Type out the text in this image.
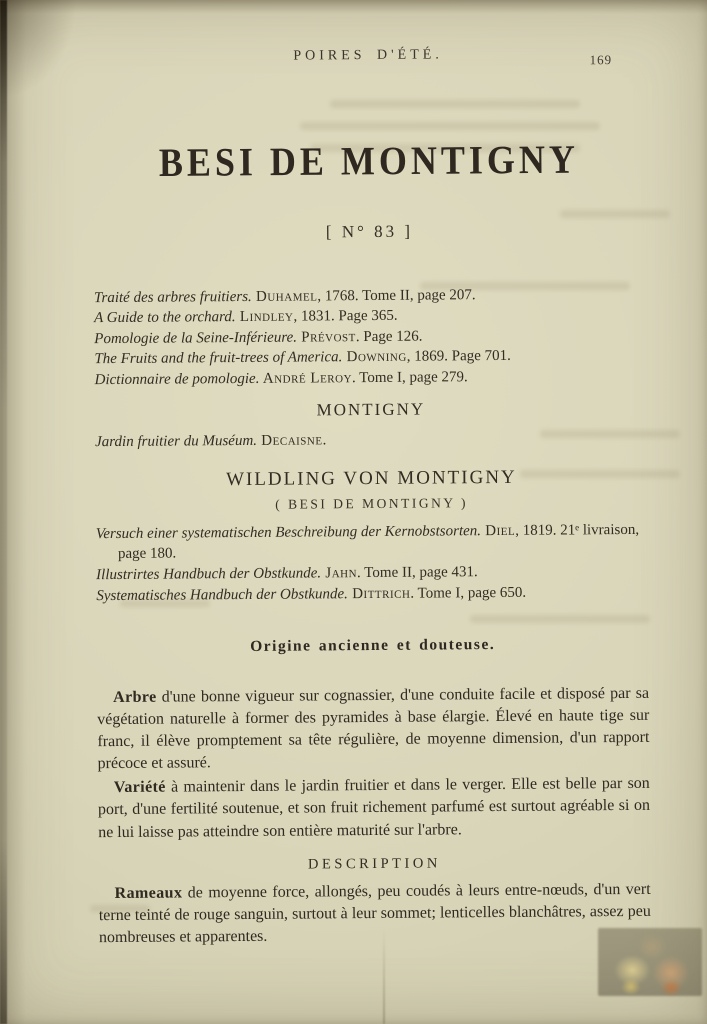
POIRES D'ÉTÉ.	169
BESI DE MONTIGNY
[ N° 83 ]

Traité des arbres fruitiers. Duhamel, 1768. Tome II, page 207.

A Guide to the orchard. Lindley, 1831. Page 365.

Pomologie de la Seine-Inférieure. Prévost. Page 126.

The Fruits and the fruit-trees of America. Downing, 1869. Page 701.

Dictionnaire de pomologie. André Leroy. Tome I, page 279.

MONTIGNY

Jardin fruitier du Muséum. Decaisne.

WILDLING VON MONTIGNY
( BESI DE MONTIGNY )

Versuch einer systematischen Beschreibung der Kernobstsorten. Diel, 1819. 21ᵉ livraison, page 180.

Illustrirtes Handbuch der Obstkunde. Jahn. Tome II, page 431.

Systematisches Handbuch der Obstkunde. Dittrich. Tome I, page 650.

Origine ancienne et douteuse.

Arbre d'une bonne vigueur sur cognassier, d'une conduite facile et disposé par sa végétation naturelle à former des pyramides à base élargie. Élevé en haute tige sur franc, il élève promptement sa tête régulière, de moyenne dimension, d'un rapport précoce et assuré.

Variété à maintenir dans le jardin fruitier et dans le verger. Elle est belle par son port, d'une fertilité soutenue, et son fruit richement parfumé est surtout agréable si on ne lui laisse pas atteindre son entière maturité sur l'arbre.

DESCRIPTION

Rameaux de moyenne force, allongés, peu coudés à leurs entre-nœuds, d'un vert terne teinté de rouge sanguin, surtout à leur sommet; lenticelles blanchâtres, assez peu nombreuses et apparentes.
